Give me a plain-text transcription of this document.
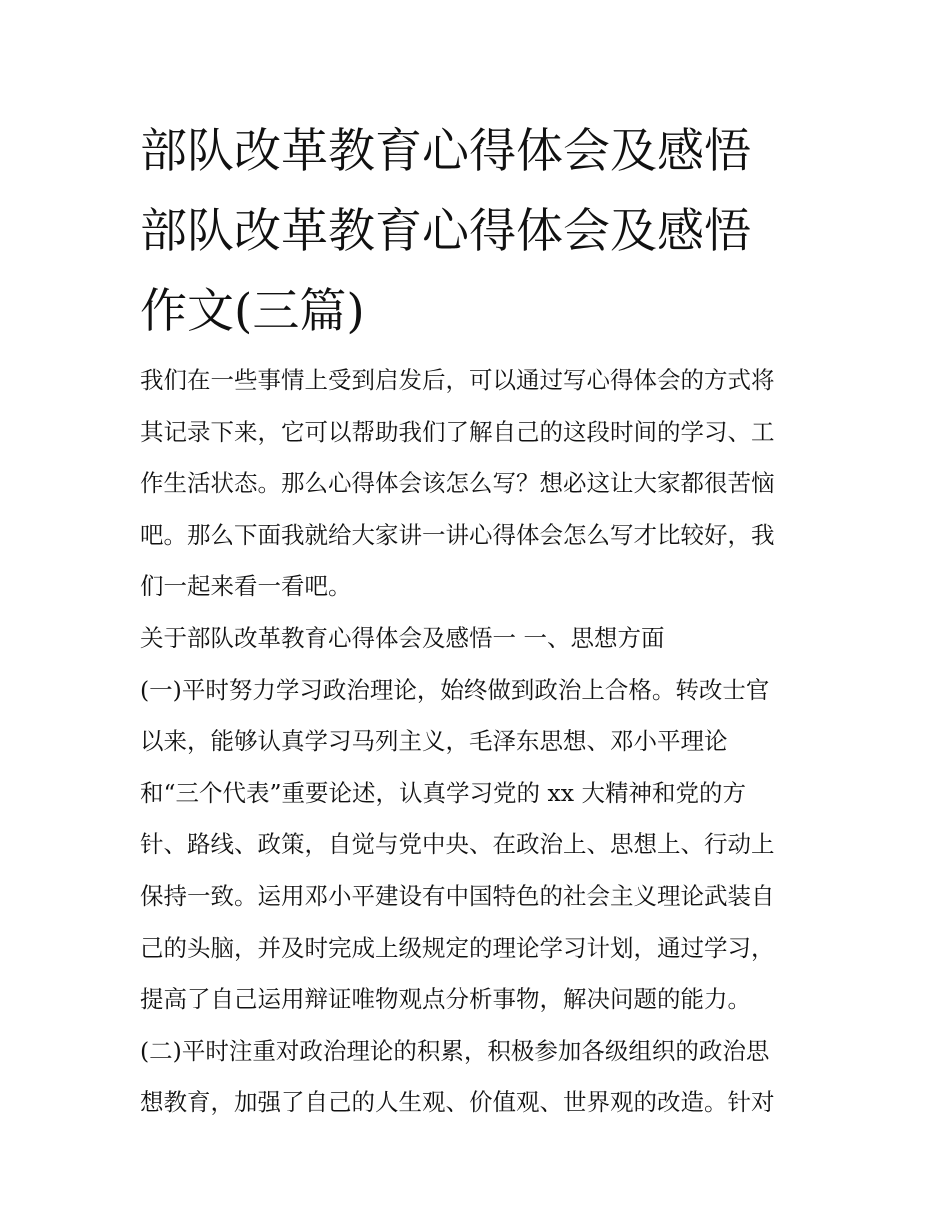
部队改革教育心得体会及感悟
部队改革教育心得体会及感悟
作文(三篇)
我们在一些事情上受到启发后，可以通过写心得体会的方式将
其记录下来，它可以帮助我们了解自己的这段时间的学习、工
作生活状态。那么心得体会该怎么写？想必这让大家都很苦恼
吧。那么下面我就给大家讲一讲心得体会怎么写才比较好，我
们一起来看一看吧。
关于部队改革教育心得体会及感悟一 一、思想方面
(一)平时努力学习政治理论，始终做到政治上合格。转改士官
以来，能够认真学习马列主义，毛泽东思想、邓小平理论
和“三个代表”重要论述，认真学习党的 xx 大精神和党的方
针、路线、政策，自觉与党中央、在政治上、思想上、行动上
保持一致。运用邓小平建设有中国特色的社会主义理论武装自
己的头脑，并及时完成上级规定的理论学习计划，通过学习，
提高了自己运用辩证唯物观点分析事物，解决问题的能力。
(二)平时注重对政治理论的积累，积极参加各级组织的政治思
想教育，加强了自己的人生观、价值观、世界观的改造。针对
